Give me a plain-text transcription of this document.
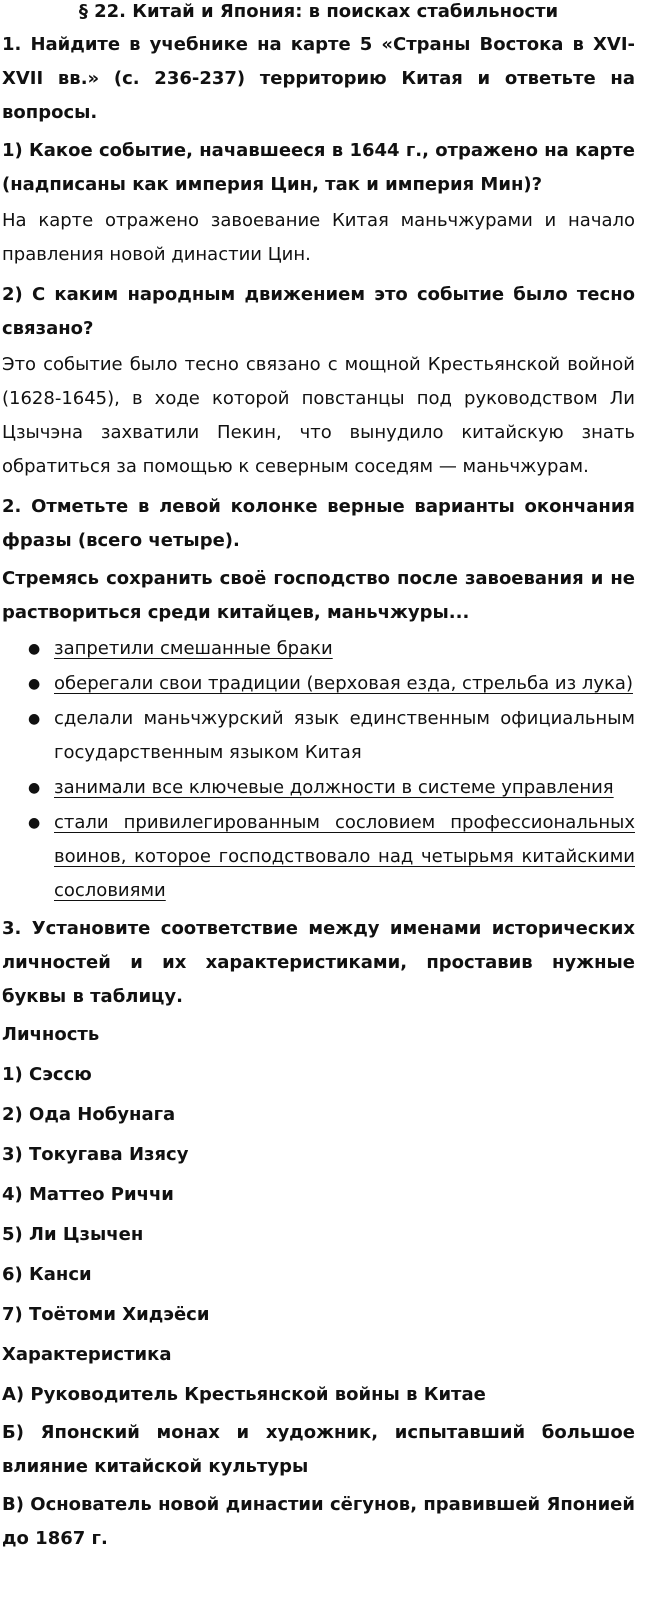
§ 22. Китай и Япония: в поисках стабильности
1. Найдите в учебнике на карте 5 «Страны Востока в XVI-XVII вв.» (с. 236-237) территорию Китая и ответьте на вопросы.
1) Какое событие, начавшееся в 1644 г., отражено на карте (надписаны как империя Цин, так и империя Мин)?

На карте отражено завоевание Китая маньчжурами и начало правления новой династии Цин.

2) С каким народным движением это событие было тесно связано?

Это событие было тесно связано с мощной Крестьянской войной (1628-1645), в ходе которой повстанцы под руководством Ли Цзычэна захватили Пекин, что вынудило китайскую знать обратиться за помощью к северным соседям — маньчжурам.

2. Отметьте в левой колонке верные варианты окончания фразы (всего четыре).
Стремясь сохранить своё господство после завоевания и не раствориться среди китайцев, маньчжуры...
● запретили смешанные браки
● оберегали свои традиции (верховая езда, стрельба из лука)
● сделали маньчжурский язык единственным официальным государственным языком Китая
● занимали все ключевые должности в системе управления
● стали привилегированным сословием профессиональных воинов, которое господствовало над четырьмя китайскими сословиями
3. Установите соответствие между именами исторических личностей и их характеристиками, проставив нужные буквы в таблицу.
Личность
1) Сэссю
2) Ода Нобунага
3) Токугава Изясу
4) Маттео Риччи
5) Ли Цзычен
6) Канси
7) Тоётоми Хидэёси
Характеристика
А) Руководитель Крестьянской войны в Китае
Б) Японский монах и художник, испытавший большое влияние китайской культуры
В) Основатель новой династии сёгунов, правившей Японией до 1867 г.
